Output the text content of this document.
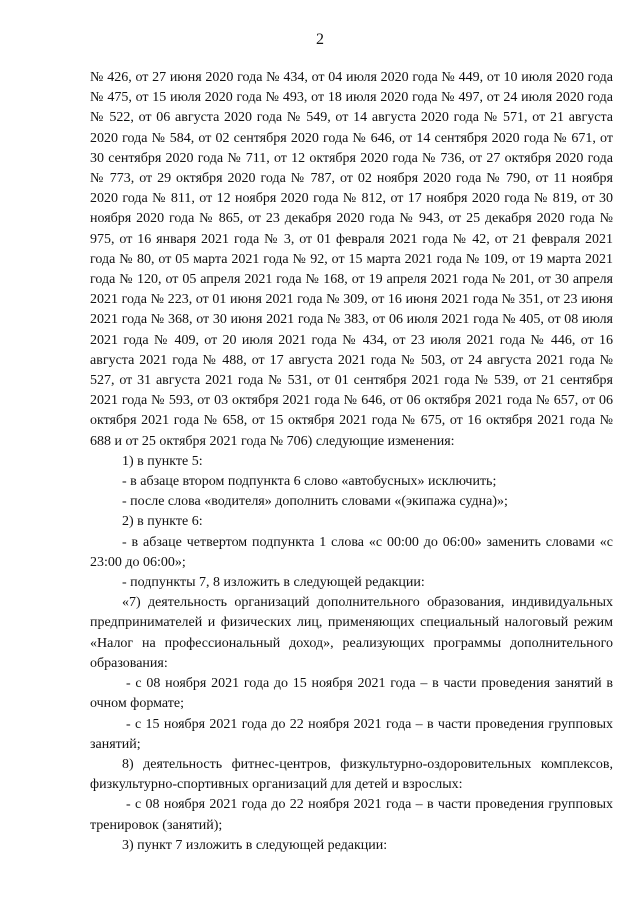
2

№ 426, от 27 июня 2020 года № 434, от 04 июля 2020 года № 449, от 10 июля 2020 года № 475, от 15 июля 2020 года № 493, от 18 июля 2020 года № 497, от 24 июля 2020 года № 522, от 06 августа 2020 года № 549, от 14 августа 2020 года № 571, от 21 августа 2020 года № 584, от 02 сентября 2020 года № 646, от 14 сентября 2020 года № 671, от 30 сентября 2020 года № 711, от 12 октября 2020 года № 736, от 27 октября 2020 года № 773, от 29 октября 2020 года № 787, от 02 ноября 2020 года № 790, от 11 ноября 2020 года № 811, от 12 ноября 2020 года № 812, от 17 ноября 2020 года № 819, от 30 ноября 2020 года № 865, от 23 декабря 2020 года № 943, от 25 декабря 2020 года № 975, от 16 января 2021 года № 3, от 01 февраля 2021 года № 42, от 21 февраля 2021 года № 80, от 05 марта 2021 года № 92, от 15 марта 2021 года № 109, от 19 марта 2021 года № 120, от 05 апреля 2021 года № 168, от 19 апреля 2021 года № 201, от 30 апреля 2021 года № 223, от 01 июня 2021 года № 309, от 16 июня 2021 года № 351, от 23 июня 2021 года № 368, от 30 июня 2021 года № 383, от 06 июля 2021 года № 405, от 08 июля 2021 года № 409, от 20 июля 2021 года № 434, от 23 июля 2021 года № 446, от 16 августа 2021 года № 488, от 17 августа 2021 года № 503, от 24 августа 2021 года № 527, от 31 августа 2021 года № 531, от 01 сентября 2021 года № 539, от 21 сентября 2021 года № 593, от 03 октября 2021 года № 646, от 06 октября 2021 года № 657, от 06 октября 2021 года № 658, от 15 октября 2021 года № 675, от 16 октября 2021 года № 688 и от 25 октября 2021 года № 706) следующие изменения:

1) в пункте 5:

- в абзаце втором подпункта 6 слово «автобусных» исключить;

- после слова «водителя» дополнить словами «(экипажа судна)»;

2) в пункте 6:

- в абзаце четвертом подпункта 1 слова «с 00:00 до 06:00» заменить словами «с 23:00 до 06:00»;

- подпункты 7, 8 изложить в следующей редакции:

«7) деятельность организаций дополнительного образования, индивидуальных предпринимателей и физических лиц, применяющих специальный налоговый режим «Налог на профессиональный доход», реализующих программы дополнительного образования:

- с 08 ноября 2021 года до 15 ноября 2021 года – в части проведения занятий в очном формате;

- с 15 ноября 2021 года до 22 ноября 2021 года – в части проведения групповых занятий;

8) деятельность фитнес-центров, физкультурно-оздоровительных комплексов, физкультурно-спортивных организаций для детей и взрослых:

- с 08 ноября 2021 года до 22 ноября 2021 года – в части проведения групповых тренировок (занятий);

3) пункт 7 изложить в следующей редакции:
